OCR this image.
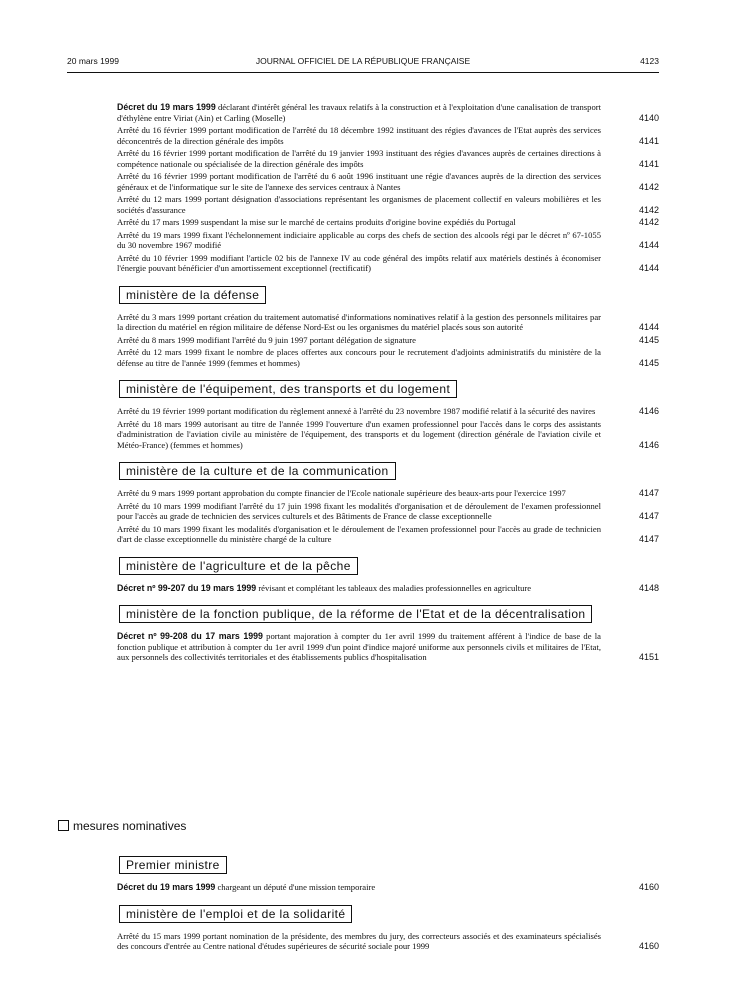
20 mars 1999	JOURNAL OFFICIEL DE LA RÉPUBLIQUE FRANÇAISE	4123
Décret du 19 mars 1999 déclarant d'intérêt général les travaux relatifs à la construction et à l'exploitation d'une canalisation de transport d'éthylène entre Viriat (Ain) et Carling (Moselle)	4140
Arrêté du 16 février 1999 portant modification de l'arrêté du 18 décembre 1992 instituant des régies d'avances de l'Etat auprès des services déconcentrés de la direction générale des impôts	4141
Arrêté du 16 février 1999 portant modification de l'arrêté du 19 janvier 1993 instituant des régies d'avances auprès de certaines directions à compétence nationale ou spécialisée de la direction générale des impôts	4141
Arrêté du 16 février 1999 portant modification de l'arrêté du 6 août 1996 instituant une régie d'avances auprès de la direction des services généraux et de l'informatique sur le site de l'annexe des services centraux à Nantes	4142
Arrêté du 12 mars 1999 portant désignation d'associations représentant les organismes de placement collectif en valeurs mobilières et les sociétés d'assurance	4142
Arrêté du 17 mars 1999 suspendant la mise sur le marché de certains produits d'origine bovine expédiés du Portugal	4142
Arrêté du 19 mars 1999 fixant l'échelonnement indiciaire applicable au corps des chefs de section des alcools régi par le décret nº 67-1055 du 30 novembre 1967 modifié	4144
Arrêté du 10 février 1999 modifiant l'article 02 bis de l'annexe IV au code général des impôts relatif aux matériels destinés à économiser l'énergie pouvant bénéficier d'un amortissement exceptionnel (rectificatif)	4144
ministère de la défense
Arrêté du 3 mars 1999 portant création du traitement automatisé d'informations nominatives relatif à la gestion des personnels militaires par la direction du matériel en région militaire de défense Nord-Est ou les organismes du matériel placés sous son autorité	4144
Arrêté du 8 mars 1999 modifiant l'arrêté du 9 juin 1997 portant délégation de signature	4145
Arrêté du 12 mars 1999 fixant le nombre de places offertes aux concours pour le recrutement d'adjoints administratifs du ministère de la défense au titre de l'année 1999 (femmes et hommes)	4145
ministère de l'équipement, des transports et du logement
Arrêté du 19 février 1999 portant modification du règlement annexé à l'arrêté du 23 novembre 1987 modifié relatif à la sécurité des navires	4146
Arrêté du 18 mars 1999 autorisant au titre de l'année 1999 l'ouverture d'un examen professionnel pour l'accès dans le corps des assistants d'administration de l'aviation civile au ministère de l'équipement, des transports et du logement (direction générale de l'aviation civile et Météo-France) (femmes et hommes)	4146
ministère de la culture et de la communication
Arrêté du 9 mars 1999 portant approbation du compte financier de l'Ecole nationale supérieure des beaux-arts pour l'exercice 1997	4147
Arrêté du 10 mars 1999 modifiant l'arrêté du 17 juin 1998 fixant les modalités d'organisation et de déroulement de l'examen professionnel pour l'accès au grade de technicien des services culturels et des Bâtiments de France de classe exceptionnelle	4147
Arrêté du 10 mars 1999 fixant les modalités d'organisation et le déroulement de l'examen professionnel pour l'accès au grade de technicien d'art de classe exceptionnelle du ministère chargé de la culture	4147
ministère de l'agriculture et de la pêche
Décret nº 99-207 du 19 mars 1999 révisant et complétant les tableaux des maladies professionnelles en agriculture	4148
ministère de la fonction publique, de la réforme de l'Etat et de la décentralisation
Décret nº 99-208 du 17 mars 1999 portant majoration à compter du 1er avril 1999 du traitement afférent à l'indice de base de la fonction publique et attribution à compter du 1er avril 1999 d'un point d'indice majoré uniforme aux personnels civils et militaires de l'Etat, aux personnels des collectivités territoriales et des établissements publics d'hospitalisation	4151
mesures nominatives
Premier ministre
Décret du 19 mars 1999 chargeant un député d'une mission temporaire	4160
ministère de l'emploi et de la solidarité
Arrêté du 15 mars 1999 portant nomination de la présidente, des membres du jury, des correcteurs associés et des examinateurs spécialisés des concours d'entrée au Centre national d'études supérieures de sécurité sociale pour 1999	4160
